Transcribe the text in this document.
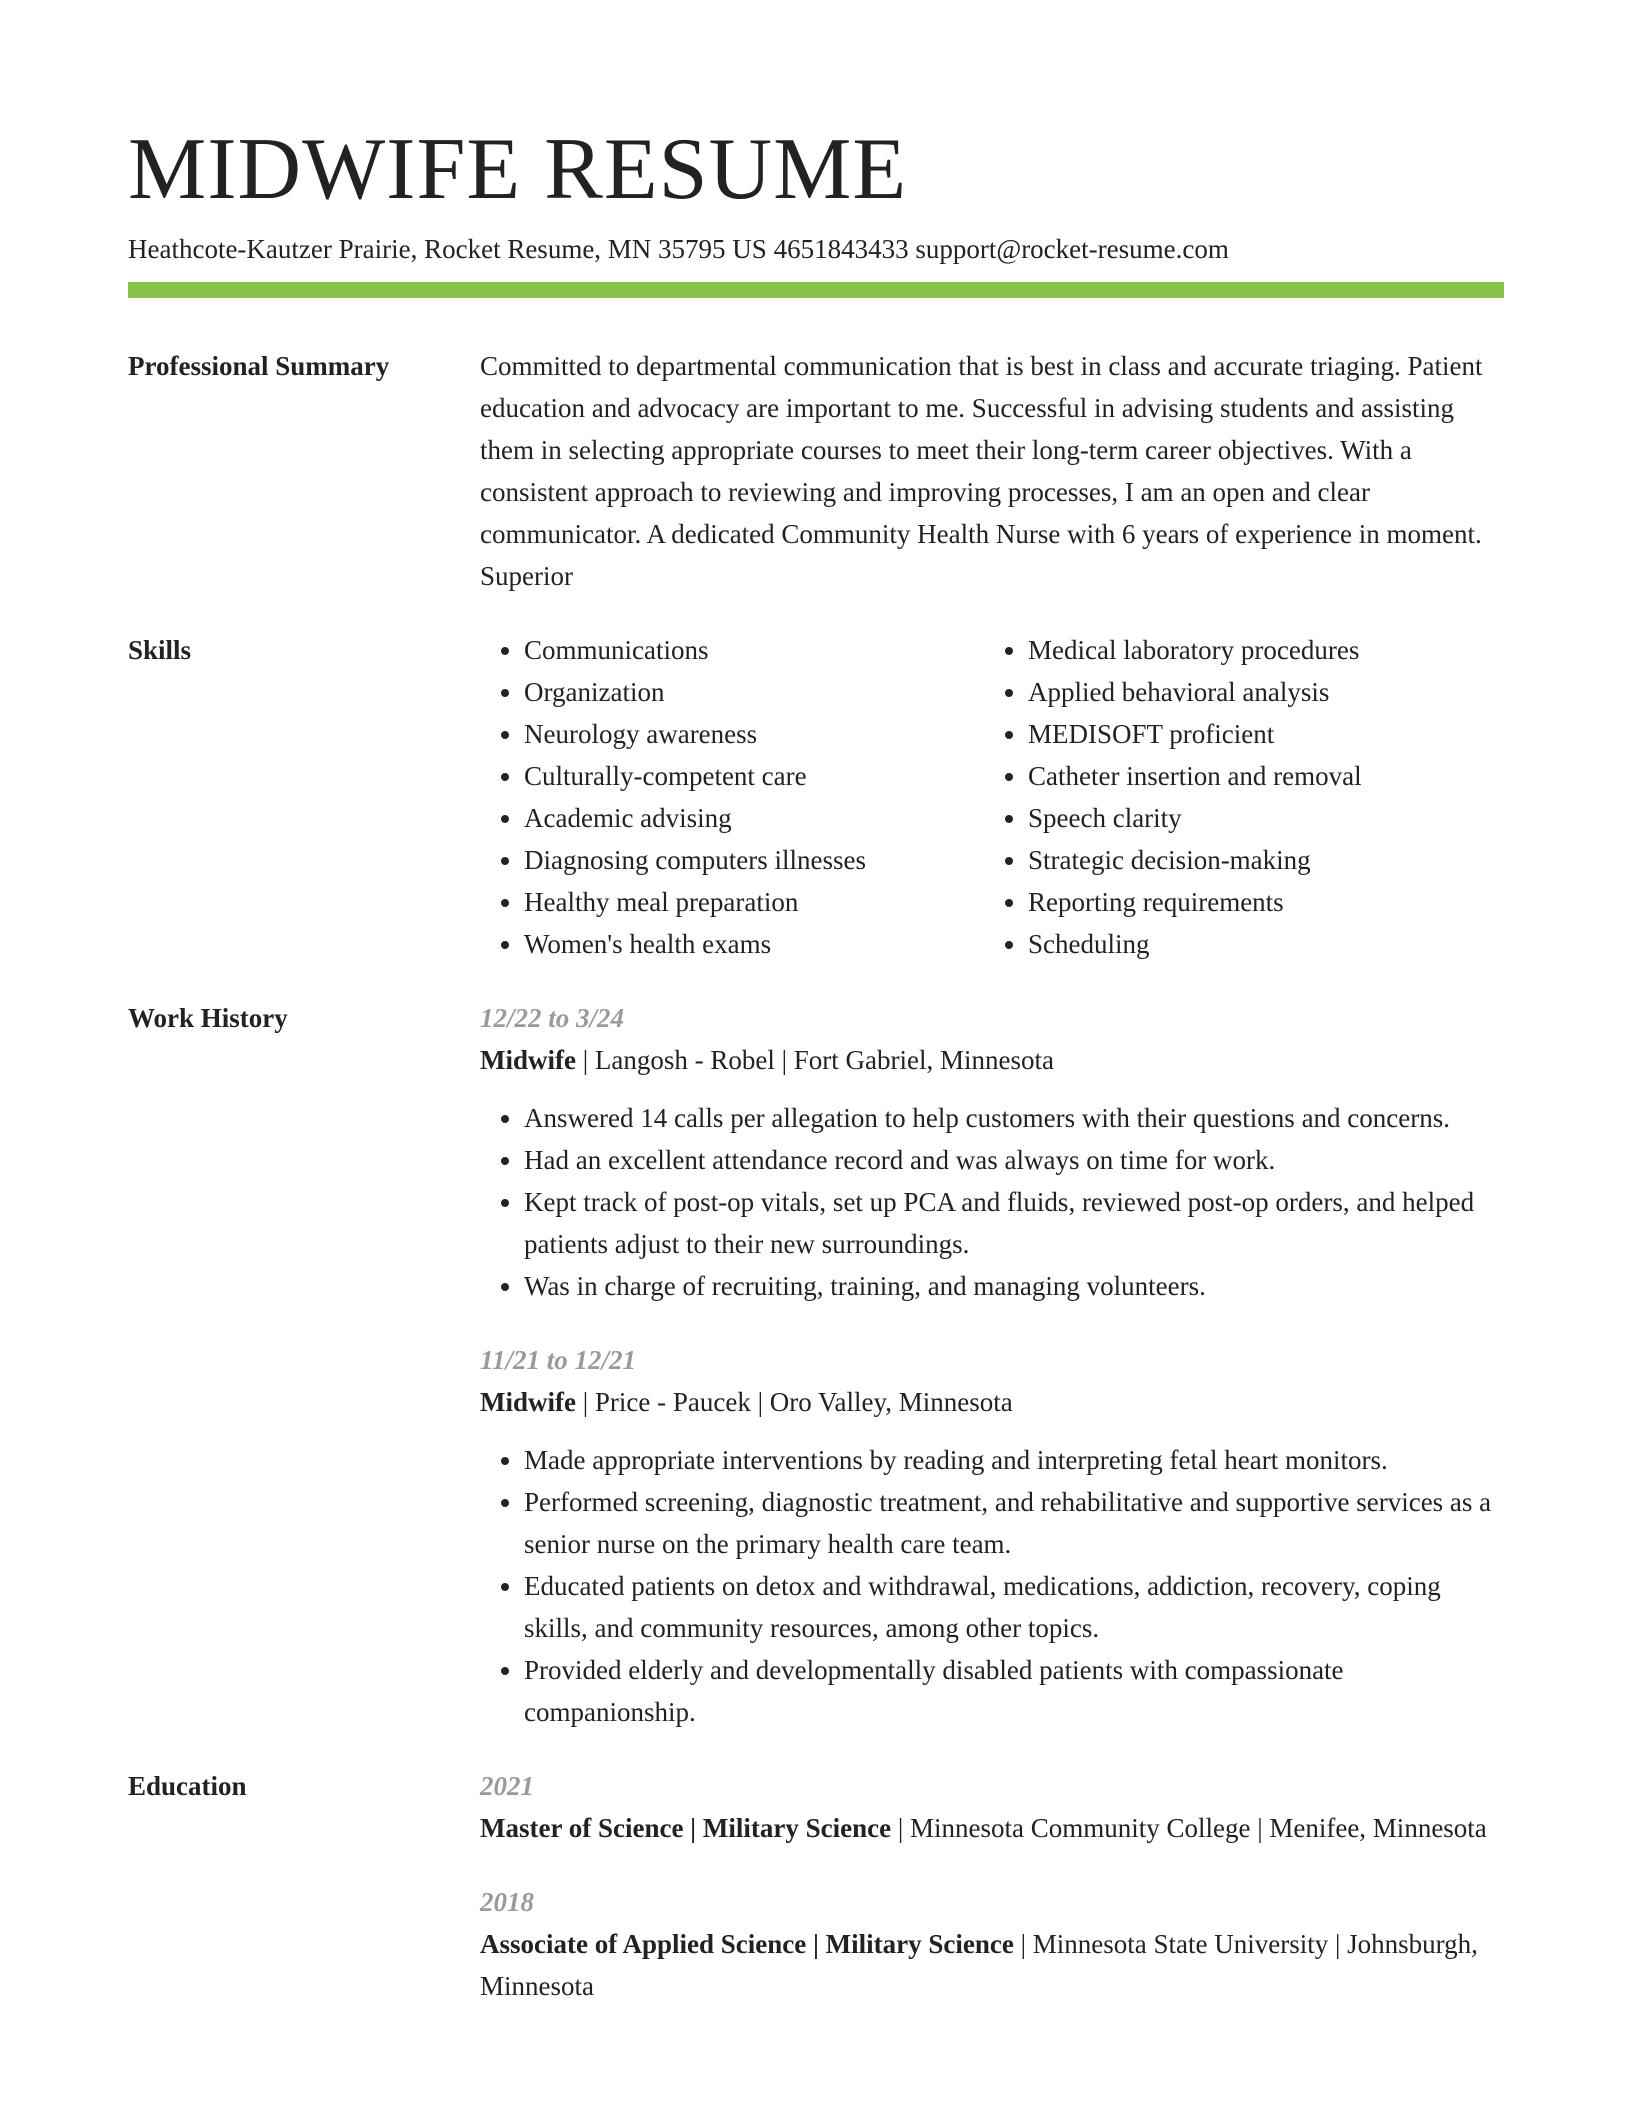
MIDWIFE RESUME
Heathcote-Kautzer Prairie, Rocket Resume, MN 35795 US 4651843433 support@rocket-resume.com
Professional Summary	Committed to departmental communication that is best in class and accurate triaging. Patient education and advocacy are important to me. Successful in advising students and assisting them in selecting appropriate courses to meet their long-term career objectives. With a consistent approach to reviewing and improving processes, I am an open and clear communicator. A dedicated Community Health Nurse with 6 years of experience in moment. Superior
Skills
•	Communications
• Organization
• Neurology awareness
• Culturally-competent care
• Academic advising
• Diagnosing computers illnesses
• Healthy meal preparation
• Women's health exams
• Medical laboratory procedures
• Applied behavioral analysis
• MEDISOFT proficient
• Catheter insertion and removal
• Speech clarity
• Strategic decision-making
• Reporting requirements
• Scheduling
Work History	12/22 to 3/24
Midwife | Langosh - Robel | Fort Gabriel, Minnesota
• Answered 14 calls per allegation to help customers with their questions and concerns.
• Had an excellent attendance record and was always on time for work.
• Kept track of post-op vitals, set up PCA and fluids, reviewed post-op orders, and helped patients adjust to their new surroundings.
• Was in charge of recruiting, training, and managing volunteers.
11/21 to 12/21
Midwife | Price - Paucek | Oro Valley, Minnesota
• Made appropriate interventions by reading and interpreting fetal heart monitors.
• Performed screening, diagnostic treatment, and rehabilitative and supportive services as a senior nurse on the primary health care team.
• Educated patients on detox and withdrawal, medications, addiction, recovery, coping skills, and community resources, among other topics.
• Provided elderly and developmentally disabled patients with compassionate companionship.
Education	2021
Master of Science | Military Science | Minnesota Community College | Menifee, Minnesota
2018
Associate of Applied Science | Military Science | Minnesota State University | Johnsburgh, Minnesota
